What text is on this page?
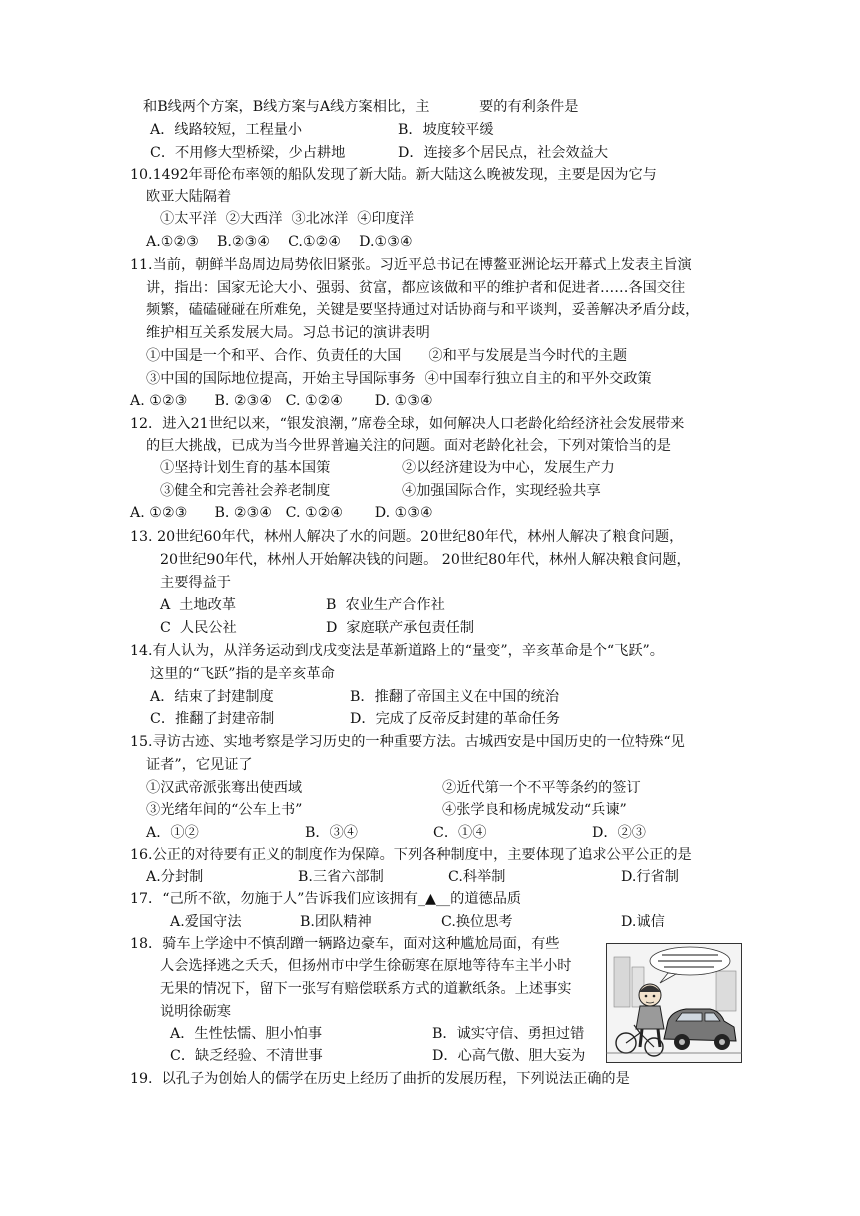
和B线两个方案，B线方案与A线方案相比，主           要的有利条件是
A．线路较短，工程量小	B．坡度较平缓
C．不用修大型桥梁，少占耕地	D．连接多个居民点，社会效益大
10.1492年哥伦布率领的船队发现了新大陆。新大陆这么晚被发现，主要是因为它与
欧亚大陆隔着
①太平洋  ②大西洋  ③北冰洋  ④印度洋
A.①②③    B.②③④    C.①②④    D.①③④
11.当前，朝鲜半岛周边局势依旧紧张。习近平总书记在博鳌亚洲论坛开幕式上发表主旨演
讲，指出：国家无论大小、强弱、贫富，都应该做和平的维护者和促进者……各国交往
频繁，磕磕碰碰在所难免，关键是要坚持通过对话协商与和平谈判，妥善解决矛盾分歧，
维护相互关系发展大局。习总书记的演讲表明
①中国是一个和平、合作、负责任的大国      ②和平与发展是当今时代的主题
③中国的国际地位提高，开始主导国际事务  ④中国奉行独立自主的和平外交政策
A. ①②③      B. ②③④   C. ①②④       D. ①③④
12．进入21世纪以来，“银发浪潮，”席卷全球，如何解决人口老龄化给经济社会发展带来
的巨大挑战，已成为当今世界普遍关注的问题。面对老龄化社会，下列对策恰当的是
①坚持计划生育的基本国策	②以经济建设为中心，发展生产力
③健全和完善社会养老制度	④加强国际合作，实现经验共享
A. ①②③      B. ②③④   C. ①②④       D. ①③④
13. 20世纪60年代，林州人解决了水的问题。20世纪80年代，林州人解决了粮食问题，
20世纪90年代，林州人开始解决钱的问题。 20世纪80年代，林州人解决粮食问题，
主要得益于
A  土地改革	B  农业生产合作社
C  人民公社	D  家庭联产承包责任制
14.有人认为，从洋务运动到戊戌变法是革新道路上的“量变”，辛亥革命是个“飞跃”。
这里的“飞跃”指的是辛亥革命
A．结束了封建制度	B．推翻了帝国主义在中国的统治
C．推翻了封建帝制	D．完成了反帝反封建的革命任务
15.寻访古迹、实地考察是学习历史的一种重要方法。古城西安是中国历史的一位特殊“见
证者”，它见证了
①汉武帝派张骞出使西域	②近代第一个不平等条约的签订
③光绪年间的“公车上书”	④张学良和杨虎城发动“兵谏”
A．①②	B．③④	C．①④	D．②③
16.公正的对待要有正义的制度作为保障。下列各种制度中，主要体现了追求公平公正的是
A.分封制	B.三省六部制	C.科举制	D.行省制
17．“己所不欲，勿施于人”告诉我们应该拥有_▲__的道德品质
A.爱国守法	B.团队精神	C.换位思考	D.诚信
18．骑车上学途中不慎刮蹭一辆路边豪车，面对这种尴尬局面，有些
人会选择逃之夭夭，但扬州市中学生徐砺寒在原地等待车主半小时
无果的情况下，留下一张写有赔偿联系方式的道歉纸条。上述事实
说明徐砺寒
A．生性怯懦、胆小怕事	B．诚实守信、勇担过错
C．缺乏经验、不清世事	D．心高气傲、胆大妄为
19.  以孔子为创始人的儒学在历史上经历了曲折的发展历程，下列说法正确的是
